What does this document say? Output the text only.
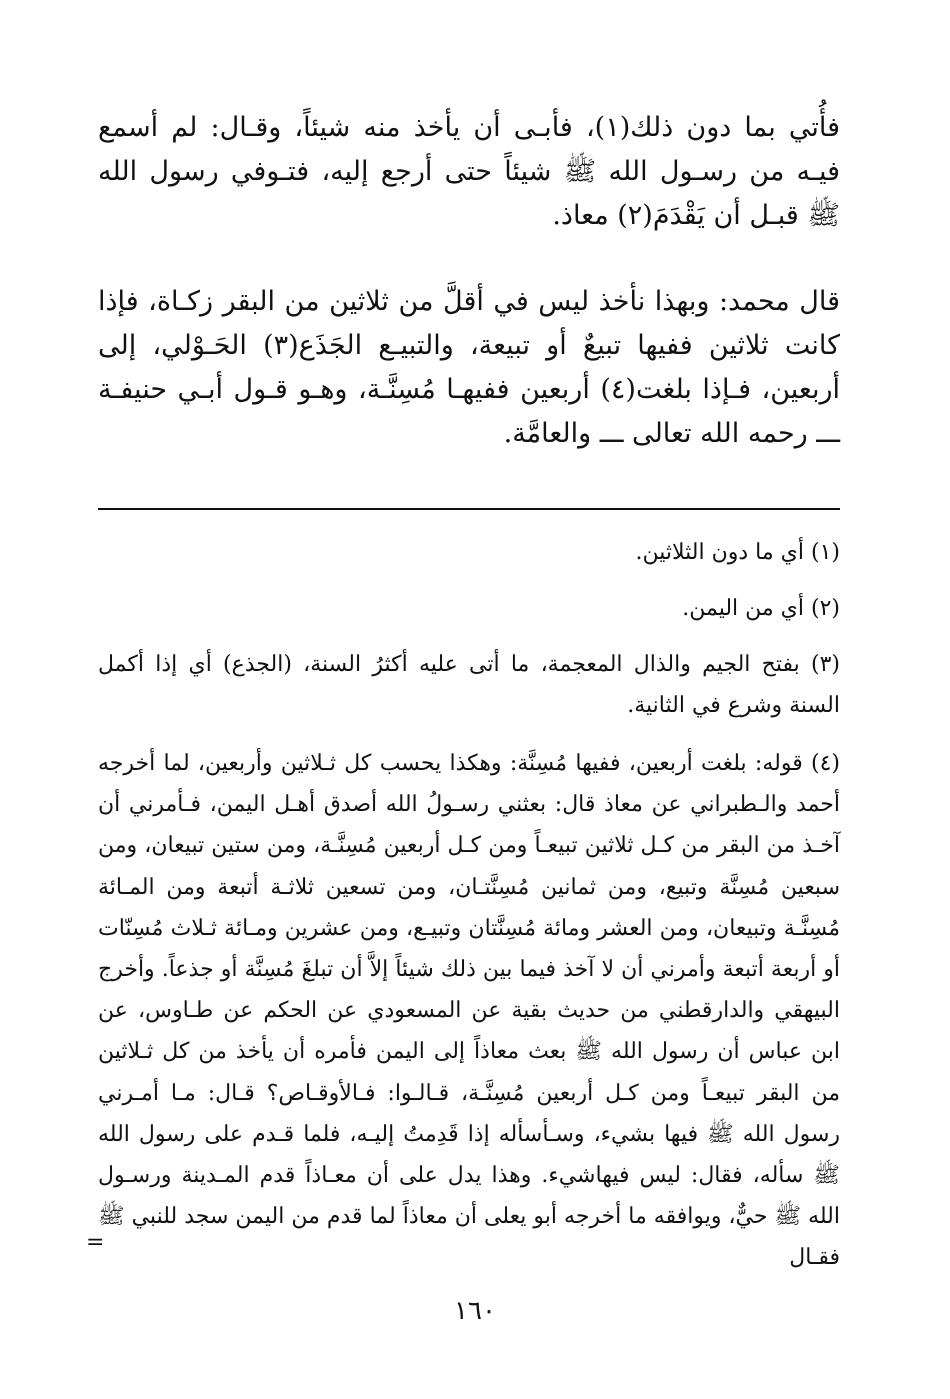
فأُتي بما دون ذلك(١)، فأبـى أن يأخذ منه شيئاً، وقـال: لم أسمع فيـه من رسـول الله ﷺ شيئاً حتى أرجع إليه، فتـوفي رسول الله ﷺ قبـل أن يَقْدَمَ(٢) معاذ.

قال محمد: وبهذا نأخذ ليس في أقلَّ من ثلاثين من البقر زكـاة، فإذا كانت ثلاثين ففيها تبيعٌ أو تبيعة، والتبيـع الجَذَع(٣) الحَـوْلي، إلى أربعين، فـإذا بلغت(٤) أربعين ففيهـا مُسِنَّـة، وهـو قـول أبـي حنيفـة ـــ رحمه الله تعالى ـــ والعامَّة.

(١) أي ما دون الثلاثين.

(٢) أي من اليمن.

(٣) بفتح الجيم والذال المعجمة، ما أتى عليه أكثرُ السنة، (الجذع) أي إذا أكمل السنة وشرع في الثانية.

(٤) قوله: بلغت أربعين، ففيها مُسِنَّة: وهكذا يحسب كل ثـلاثين وأربعين، لما أخرجه أحمد والـطبراني عن معاذ قال: بعثني رسـولُ الله أصدق أهـل اليمن، فـأمرني أن آخـذ من البقر من كـل ثلاثين تبيعـاً ومن كـل أربعين مُسِنَّـة، ومن ستين تبيعان، ومن سبعين مُسِنَّة وتبيع، ومن ثمانين مُسِنَّتـان، ومن تسعين ثلاثـة أتبعة ومن المـائة مُسِنَّـة وتبيعان، ومن العشر ومائة مُسِنَّتان وتبيـع، ومن عشرين ومـائة ثـلاث مُسِنّات أو أربعة أتبعة وأمرني أن لا آخذ فيما بين ذلك شيئاً إلاَّ أن تبلغَ مُسِنَّة أو جذعاً. وأخرج البيهقي والدارقطني من حديث بقية عن المسعودي عن الحكم عن طـاوس، عن ابن عباس أن رسول الله ﷺ بعث معاذاً إلى اليمن فأمره أن يأخذ من كل ثـلاثين من البقر تبيعـاً ومن كـل أربعين مُسِنَّـة، قـالـوا: فـالأوقـاص؟ قـال: مـا أمـرني رسول الله ﷺ فيها بشيء، وسـأسأله إذا قَدِمتُ إليـه، فلما قـدم على رسول الله ﷺ سأله، فقال: ليس فيهاشيء. وهذا يدل على أن معـاذاً قدم المـدينة ورسـول الله ﷺ حيٌّ، ويوافقه ما أخرجه أبو يعلى أن معاذاً لما قدم من اليمن سجد للنبي ﷺ فقـال

=
١٦٠
